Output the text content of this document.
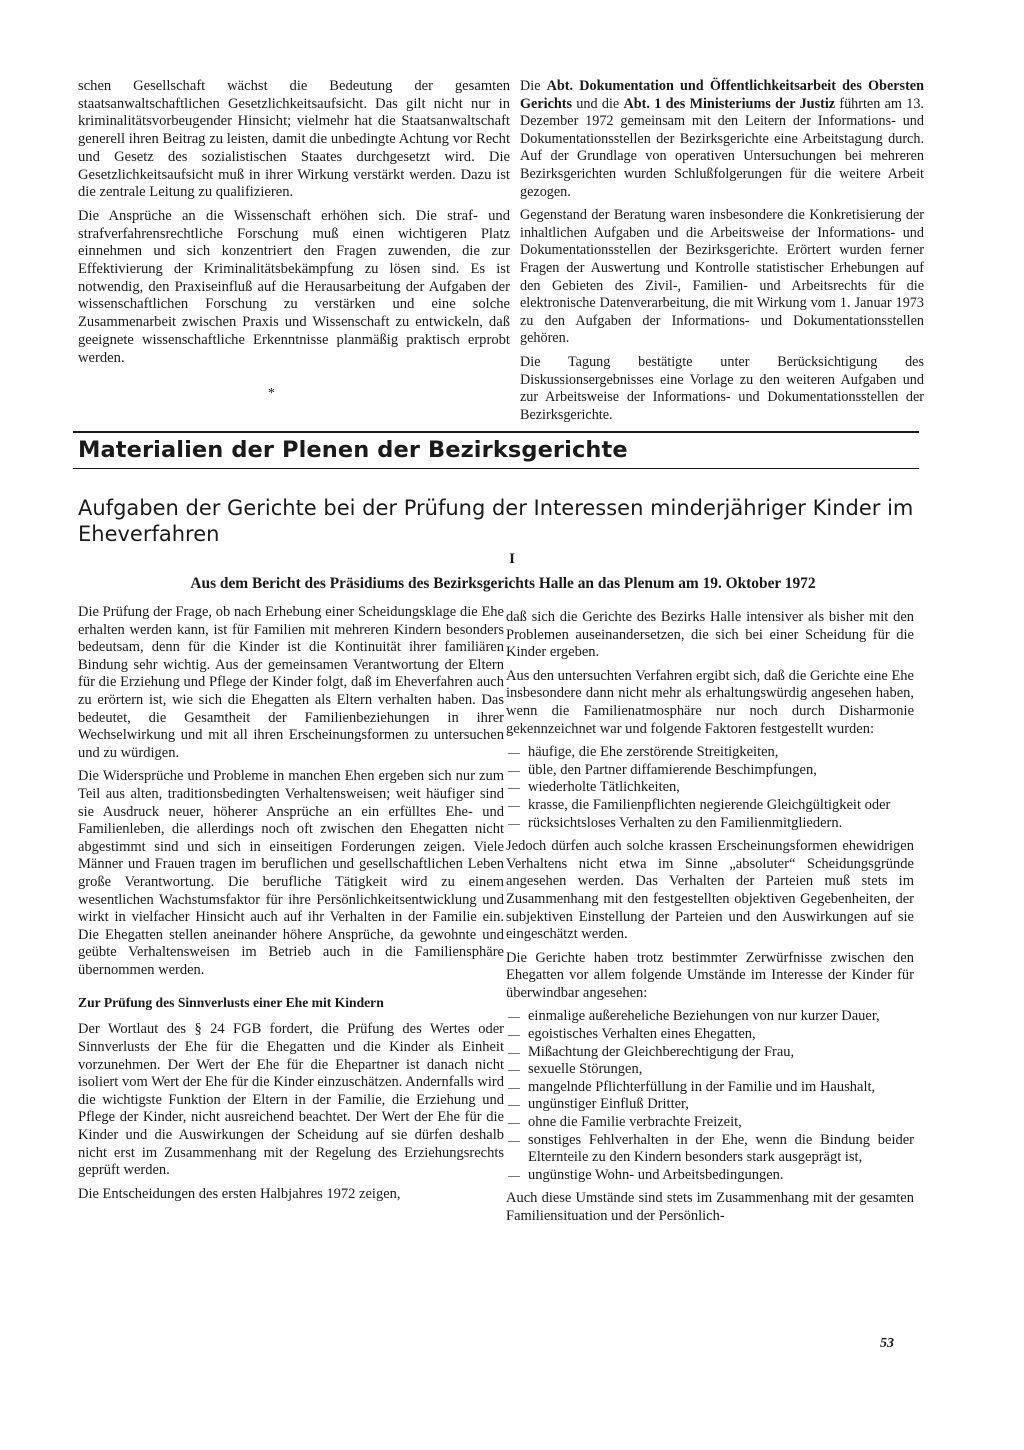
schen Gesellschaft wächst die Bedeutung der gesamten staatsanwaltschaftlichen Gesetzlichkeitsaufsicht. Das gilt nicht nur in kriminalitätsvorbeugender Hinsicht; vielmehr hat die Staatsanwaltschaft generell ihren Beitrag zu leisten, damit die unbedingte Achtung vor Recht und Gesetz des sozialistischen Staates durchgesetzt wird. Die Gesetzlichkeitsaufsicht muß in ihrer Wirkung verstärkt werden. Dazu ist die zentrale Leitung zu qualifizieren.

Die Ansprüche an die Wissenschaft erhöhen sich. Die straf- und strafverfahrensrechtliche Forschung muß einen wichtigeren Platz einnehmen und sich konzentriert den Fragen zuwenden, die zur Effektivierung der Kriminalitätsbekämpfung zu lösen sind. Es ist notwendig, den Praxiseinfluß auf die Herausarbeitung der Aufgaben der wissenschaftlichen Forschung zu verstärken und eine solche Zusammenarbeit zwischen Praxis und Wissenschaft zu entwickeln, daß geeignete wissenschaftliche Erkenntnisse planmäßig praktisch erprobt werden.

*

Die Abt. Dokumentation und Öffentlichkeitsarbeit des Obersten Gerichts und die Abt. 1 des Ministeriums der Justiz führten am 13. Dezember 1972 gemeinsam mit den Leitern der Informations- und Dokumentationsstellen der Bezirksgerichte eine Arbeitstagung durch. Auf der Grundlage von operativen Untersuchungen bei mehreren Bezirksgerichten wurden Schlußfolgerungen für die weitere Arbeit gezogen.

Gegenstand der Beratung waren insbesondere die Konkretisierung der inhaltlichen Aufgaben und die Arbeitsweise der Informations- und Dokumentationsstellen der Bezirksgerichte. Erörtert wurden ferner Fragen der Auswertung und Kontrolle statistischer Erhebungen auf den Gebieten des Zivil-, Familien- und Arbeitsrechts für die elektronische Datenverarbeitung, die mit Wirkung vom 1. Januar 1973 zu den Aufgaben der Informations- und Dokumentationsstellen gehören.

Die Tagung bestätigte unter Berücksichtigung des Diskussionsergebnisses eine Vorlage zu den weiteren Aufgaben und zur Arbeitsweise der Informations- und Dokumentationsstellen der Bezirksgerichte.

Materialien der Plenen der Bezirksgerichte
Aufgaben der Gerichte bei der Prüfung der Interessen minderjähriger Kinder im Eheverfahren
I
Aus dem Bericht des Präsidiums des Bezirksgerichts Halle an das Plenum am 19. Oktober 1972

Die Prüfung der Frage, ob nach Erhebung einer Scheidungsklage die Ehe erhalten werden kann, ist für Familien mit mehreren Kindern besonders bedeutsam, denn für die Kinder ist die Kontinuität ihrer familiären Bindung sehr wichtig. Aus der gemeinsamen Verantwortung der Eltern für die Erziehung und Pflege der Kinder folgt, daß im Eheverfahren auch zu erörtern ist, wie sich die Ehegatten als Eltern verhalten haben. Das bedeutet, die Gesamtheit der Familienbeziehungen in ihrer Wechselwirkung und mit all ihren Erscheinungsformen zu untersuchen und zu würdigen.

Die Widersprüche und Probleme in manchen Ehen ergeben sich nur zum Teil aus alten, traditionsbedingten Verhaltensweisen; weit häufiger sind sie Ausdruck neuer, höherer Ansprüche an ein erfülltes Ehe- und Familienleben, die allerdings noch oft zwischen den Ehegatten nicht abgestimmt sind und sich in einseitigen Forderungen zeigen. Viele Männer und Frauen tragen im beruflichen und gesellschaftlichen Leben große Verantwortung. Die berufliche Tätigkeit wird zu einem wesentlichen Wachstumsfaktor für ihre Persönlichkeitsentwicklung und wirkt in vielfacher Hinsicht auch auf ihr Verhalten in der Familie ein. Die Ehegatten stellen aneinander höhere Ansprüche, da gewohnte und geübte Verhaltensweisen im Betrieb auch in die Familiensphäre übernommen werden.

Zur Prüfung des Sinnverlusts einer Ehe mit Kindern

Der Wortlaut des § 24 FGB fordert, die Prüfung des Wertes oder Sinnverlusts der Ehe für die Ehegatten und die Kinder als Einheit vorzunehmen. Der Wert der Ehe für die Ehepartner ist danach nicht isoliert vom Wert der Ehe für die Kinder einzuschätzen. Andernfalls wird die wichtigste Funktion der Eltern in der Familie, die Erziehung und Pflege der Kinder, nicht ausreichend beachtet. Der Wert der Ehe für die Kinder und die Auswirkungen der Scheidung auf sie dürfen deshalb nicht erst im Zusammenhang mit der Regelung des Erziehungsrechts geprüft werden.

Die Entscheidungen des ersten Halbjahres 1972 zeigen,

daß sich die Gerichte des Bezirks Halle intensiver als bisher mit den Problemen auseinandersetzen, die sich bei einer Scheidung für die Kinder ergeben.

Aus den untersuchten Verfahren ergibt sich, daß die Gerichte eine Ehe insbesondere dann nicht mehr als erhaltungswürdig angesehen haben, wenn die Familienatmosphäre nur noch durch Disharmonie gekennzeichnet war und folgende Faktoren festgestellt wurden:

— häufige, die Ehe zerstörende Streitigkeiten,
— üble, den Partner diffamierende Beschimpfungen,
— wiederholte Tätlichkeiten,
— krasse, die Familienpflichten negierende Gleichgültigkeit oder
— rücksichtsloses Verhalten zu den Familienmitgliedern.

Jedoch dürfen auch solche krassen Erscheinungsformen ehewidrigen Verhaltens nicht etwa im Sinne „absoluter“ Scheidungsgründe angesehen werden. Das Verhalten der Parteien muß stets im Zusammenhang mit den festgestellten objektiven Gegebenheiten, der subjektiven Einstellung der Parteien und den Auswirkungen auf sie eingeschätzt werden.

Die Gerichte haben trotz bestimmter Zerwürfnisse zwischen den Ehegatten vor allem folgende Umstände im Interesse der Kinder für überwindbar angesehen:

— einmalige außereheliche Beziehungen von nur kurzer Dauer,
— egoistisches Verhalten eines Ehegatten,
— Mißachtung der Gleichberechtigung der Frau,
— sexuelle Störungen,
— mangelnde Pflichterfüllung in der Familie und im Haushalt,
— ungünstiger Einfluß Dritter,
— ohne die Familie verbrachte Freizeit,
— sonstiges Fehlverhalten in der Ehe, wenn die Bindung beider Elternteile zu den Kindern besonders stark ausgeprägt ist,
— ungünstige Wohn- und Arbeitsbedingungen.

Auch diese Umstände sind stets im Zusammenhang mit der gesamten Familiensituation und der Persönlich-

53
